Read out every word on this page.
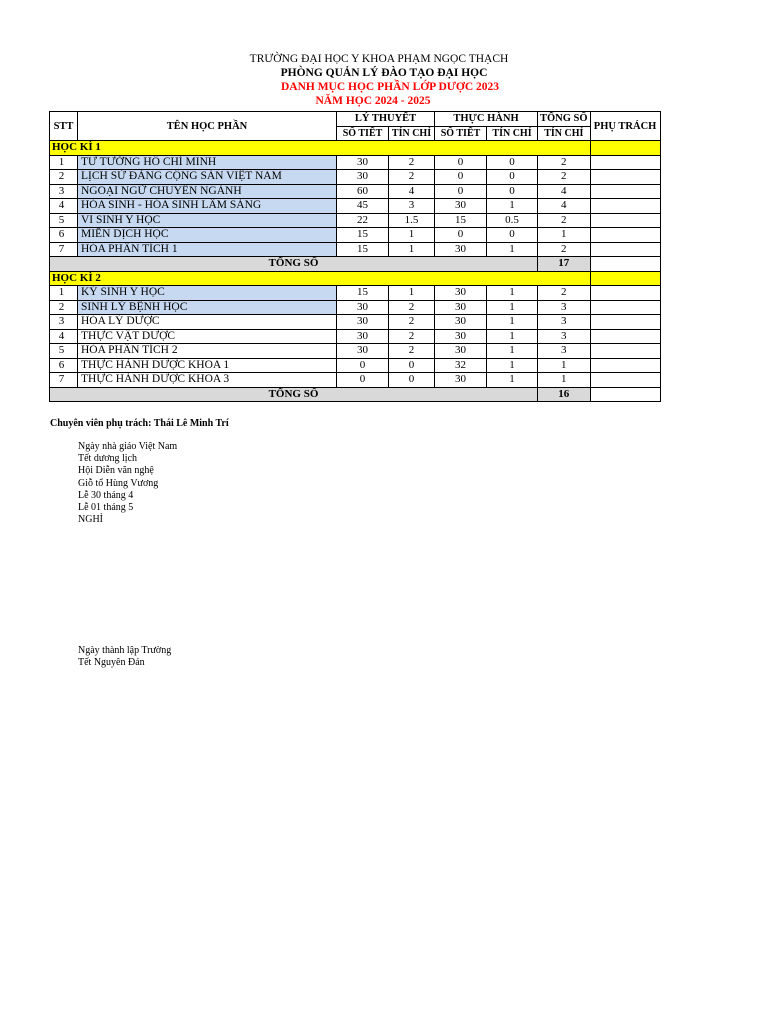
TRƯỜNG ĐẠI HỌC Y KHOA PHẠM NGỌC THẠCH
PHÒNG QUẢN LÝ ĐÀO TẠO ĐẠI HỌC
DANH MỤC HỌC PHẦN LỚP DƯỢC 2023
NĂM HỌC 2024 - 2025
STT	TÊN HỌC PHẦN	LÝ THUYẾT		THỰC HÀNH		TỔNG SỐ	PHỤ TRÁCH
		SỐ TIẾT	TÍN CHỈ	SỐ TIẾT	TÍN CHỈ	TÍN CHỈ	
HỌC KÌ 1							
1	TƯ TƯỞNG HỒ CHÍ MINH	30	2	0	0	2	
2	LỊCH SỬ ĐẢNG CỘNG SẢN VIỆT NAM	30	2	0	0	2	
3	NGOẠI NGỮ CHUYÊN NGÀNH	60	4	0	0	4	
4	HÓA SINH - HÓA SINH LÂM SÀNG	45	3	30	1	4	
5	VI SINH Y HỌC	22	1.5	15	0.5	2	
6	MIỄN DỊCH HỌC	15	1	0	0	1	
7	HÓA PHÂN TÍCH 1	15	1	30	1	2	
TỔNG SỐ						17	
HỌC KÌ 2							
1	KÝ SINH Y HỌC	15	1	30	1	2	
2	SINH LÝ BỆNH HỌC	30	2	30	1	3	
3	HÓA LÝ DƯỢC	30	2	30	1	3	
4	THỰC VẬT DƯỢC	30	2	30	1	3	
5	HÓA PHÂN TÍCH 2	30	2	30	1	3	
6	THỰC HÀNH DƯỢC KHOA 1	0	0	32	1	1	
7	THỰC HÀNH DƯỢC KHOA 3	0	0	30	1	1	
TỔNG SỐ						16	
Chuyên viên phụ trách: Thái Lê Minh Trí
Ngày nhà giáo Việt Nam
Tết dương lịch
Hội Diễn văn nghệ
Giỗ tổ Hùng Vương
Lễ 30 tháng 4
Lễ 01 tháng 5
NGHỈ
Ngày thành lập Trường
Tết Nguyên Đán
